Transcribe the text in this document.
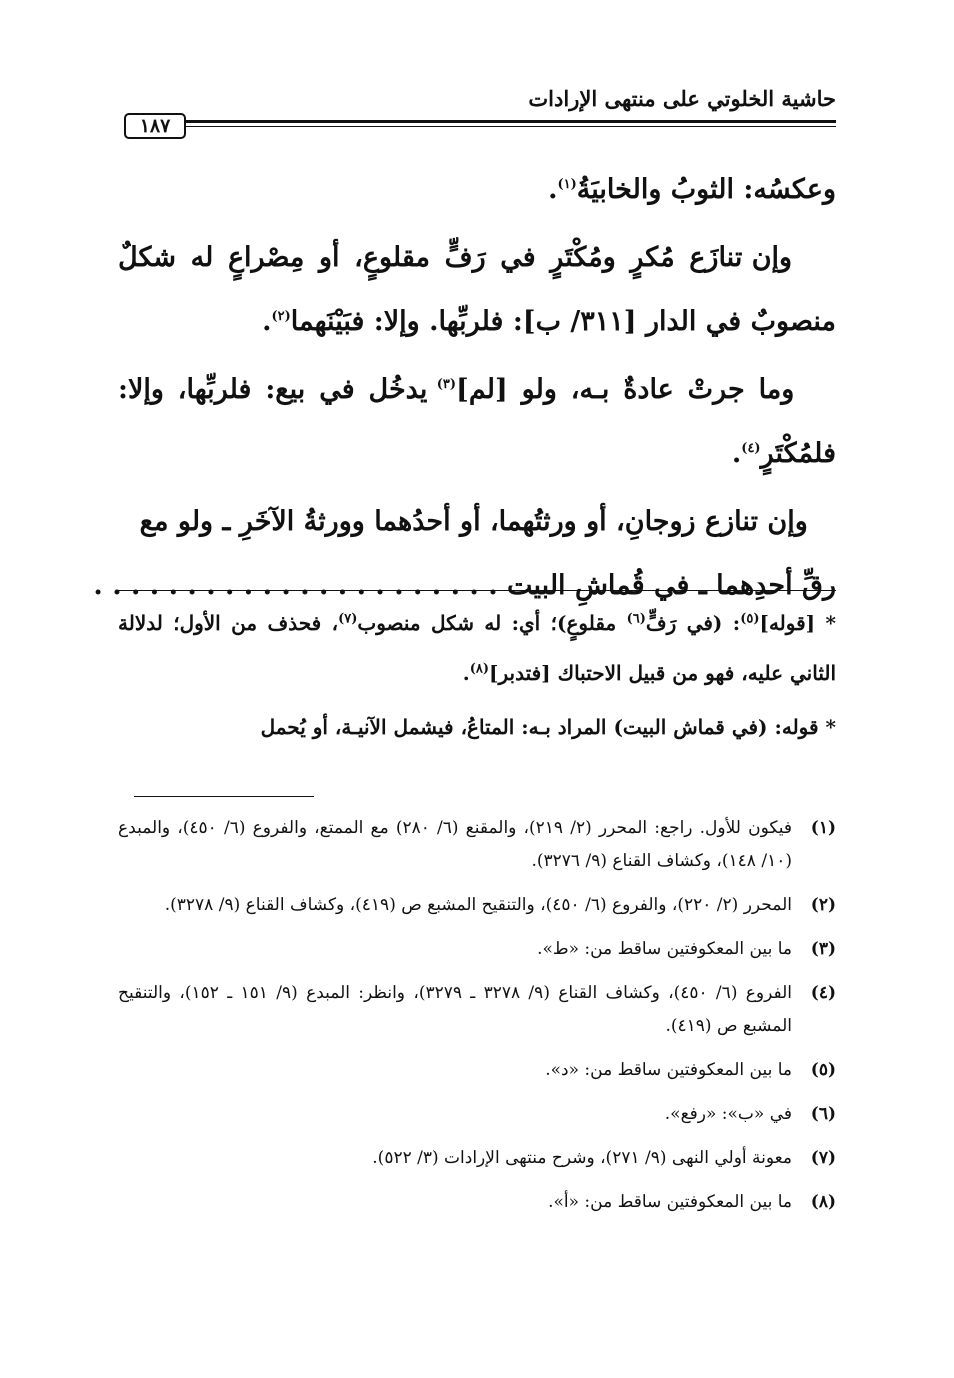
حاشية الخلوتي على منتهى الإرادات
١٨٧

وعكسُه: الثوبُ والخابيَةُ$^{(١)}$.

وإن تنازَع مُكرٍ ومُكْتَرٍ في رَفٍّ مقلوعٍ، أو مِصْراعٍ له شكلٌ منصوبٌ في الدار [٣١١/ ب]: فلربِّها. وإلا: فبَيْنَهما$^{(٢)}$.

وما جرتْ عادةٌ بـه، ولو [لم]$^{(٣)}$ يدخُل في بيع: فلربِّها، وإلا: فلمُكْتَرٍ$^{(٤)}$.

وإن تنازع زوجانِ، أو ورثتُهما، أو أحدُهما وورثةُ الآخَرِ ـ ولو مع
رقِّ أحدِهما ـ في قُماشِ البيت . . . . . . . . . . . . . . . . . . . . . .

* [قوله]$^{(٥)}$: (في رَفٍّ$^{(٦)}$ مقلوعٍ)؛ أي: له شكل منصوب$^{(٧)}$، فحذف من الأول؛ لدلالة الثاني عليه، فهو من قبيل الاحتباك [فتدبر]$^{(٨)}$.

* قوله: (في قماش البيت) المراد بـه: المتاعُ، فيشمل الآنيـة، أو يُحمل

(١)
فيكون للأول. راجع: المحرر (٢/ ٢١٩)، والمقنع (٦/ ٢٨٠) مع الممتع، والفروع (٦/ ٤٥٠)، والمبدع (١٠/ ١٤٨)، وكشاف القناع (٩/ ٣٢٧٦).
(٢)
المحرر (٢/ ٢٢٠)، والفروع (٦/ ٤٥٠)، والتنقيح المشبع ص (٤١٩)، وكشاف القناع (٩/ ٣٢٧٨).
(٣)
ما بين المعكوفتين ساقط من: «ط».
(٤)
الفروع (٦/ ٤٥٠)، وكشاف القناع (٩/ ٣٢٧٨ ـ ٣٢٧٩)، وانظر: المبدع (٩/ ١٥١ ـ ١٥٢)، والتنقيح المشبع ص (٤١٩).
(٥)
ما بين المعكوفتين ساقط من: «د».
(٦)
في «ب»: «رفع».
(٧)
معونة أولي النهى (٩/ ٢٧١)، وشرح منتهى الإرادات (٣/ ٥٢٢).
(٨)
ما بين المعكوفتين ساقط من: «أ».
